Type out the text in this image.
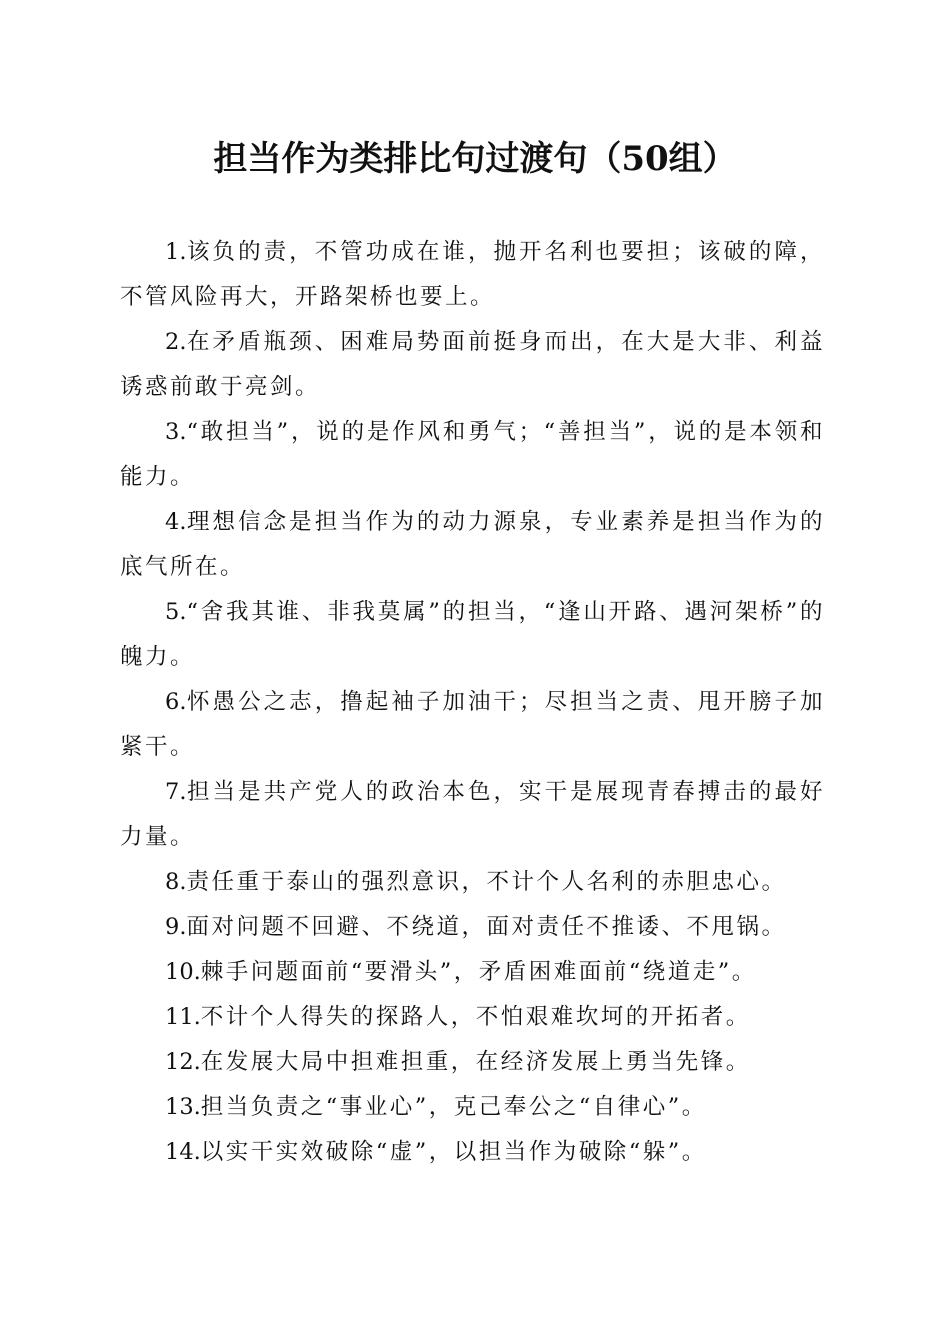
担当作为类排比句过渡句（50组）

1.该负的责，不管功成在谁，抛开名利也要担；该破的障，不管风险再大，开路架桥也要上。

2.在矛盾瓶颈、困难局势面前挺身而出，在大是大非、利益诱惑前敢于亮剑。

3.“敢担当”，说的是作风和勇气；“善担当”，说的是本领和能力。

4.理想信念是担当作为的动力源泉，专业素养是担当作为的底气所在。

5.“舍我其谁、非我莫属”的担当，“逢山开路、遇河架桥”的魄力。

6.怀愚公之志，撸起袖子加油干；尽担当之责、甩开膀子加紧干。

7.担当是共产党人的政治本色，实干是展现青春搏击的最好力量。

8.责任重于泰山的强烈意识，不计个人名利的赤胆忠心。

9.面对问题不回避、不绕道，面对责任不推诿、不甩锅。

10.棘手问题面前“要滑头”，矛盾困难面前“绕道走”。

11.不计个人得失的探路人，不怕艰难坎坷的开拓者。

12.在发展大局中担难担重，在经济发展上勇当先锋。

13.担当负责之“事业心”，克己奉公之“自律心”。

14.以实干实效破除“虚”，以担当作为破除“躲”。
